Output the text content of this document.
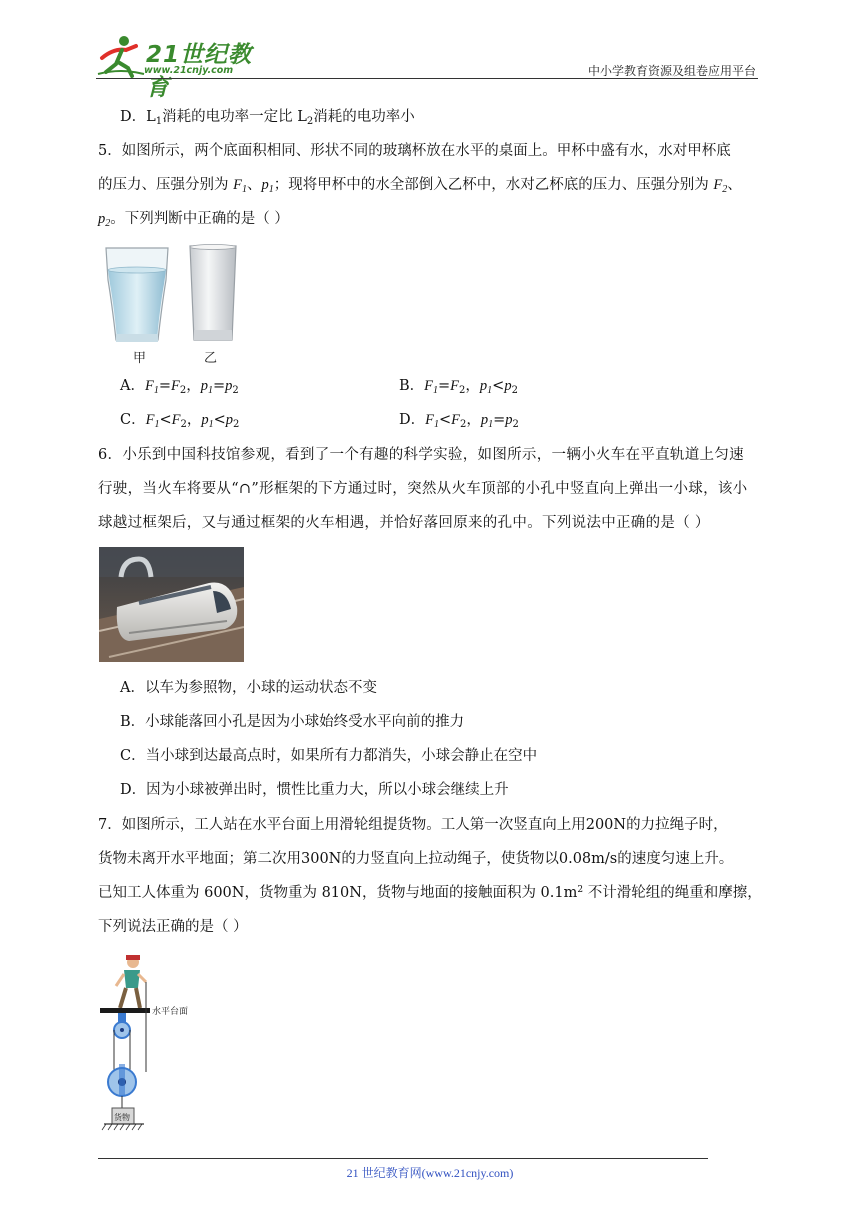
21世纪教育
www.21cnjy.com	中小学教育资源及组卷应用平台
D．$L_1$消耗的电功率一定比 $L_2$消耗的电功率小
5．如图所示，两个底面积相同、形状不同的玻璃杯放在水平的桌面上。甲杯中盛有水，水对甲杯底
的压力、压强分别为 $F_1$、$p_1$；现将甲杯中的水全部倒入乙杯中，水对乙杯底的压力、压强分别为 $F_2$、
$p_2$。下列判断中正确的是（ ）
甲	乙
A．$F_1=F_2$，$p_1=p_2$	B．$F_1=F_2$，$p_1<p_2$
C．$F_1<F_2$，$p_1<p_2$	D．$F_1<F_2$，$p_1=p_2$
6．小乐到中国科技馆参观，看到了一个有趣的科学实验，如图所示，一辆小火车在平直轨道上匀速
行驶，当火车将要从“∩”形框架的下方通过时，突然从火车顶部的小孔中竖直向上弹出一小球，该小
球越过框架后，又与通过框架的火车相遇，并恰好落回原来的孔中。下列说法中正确的是（ ）
A．以车为参照物，小球的运动状态不变
B．小球能落回小孔是因为小球始终受水平向前的推力
C．当小球到达最高点时，如果所有力都消失，小球会静止在空中
D．因为小球被弹出时，惯性比重力大，所以小球会继续上升
7．如图所示，工人站在水平台面上用滑轮组提货物。工人第一次竖直向上用200N的力拉绳子时，
货物未离开水平地面；第二次用300N的力竖直向上拉动绳子，使货物以0.08m/s的速度匀速上升。
已知工人体重为 600N，货物重为 810N，货物与地面的接触面积为 $0.1m^2$ 不计滑轮组的绳重和摩擦，
下列说法正确的是（ ）
水平台面
货物
21 世纪教育网(www.21cnjy.com)
